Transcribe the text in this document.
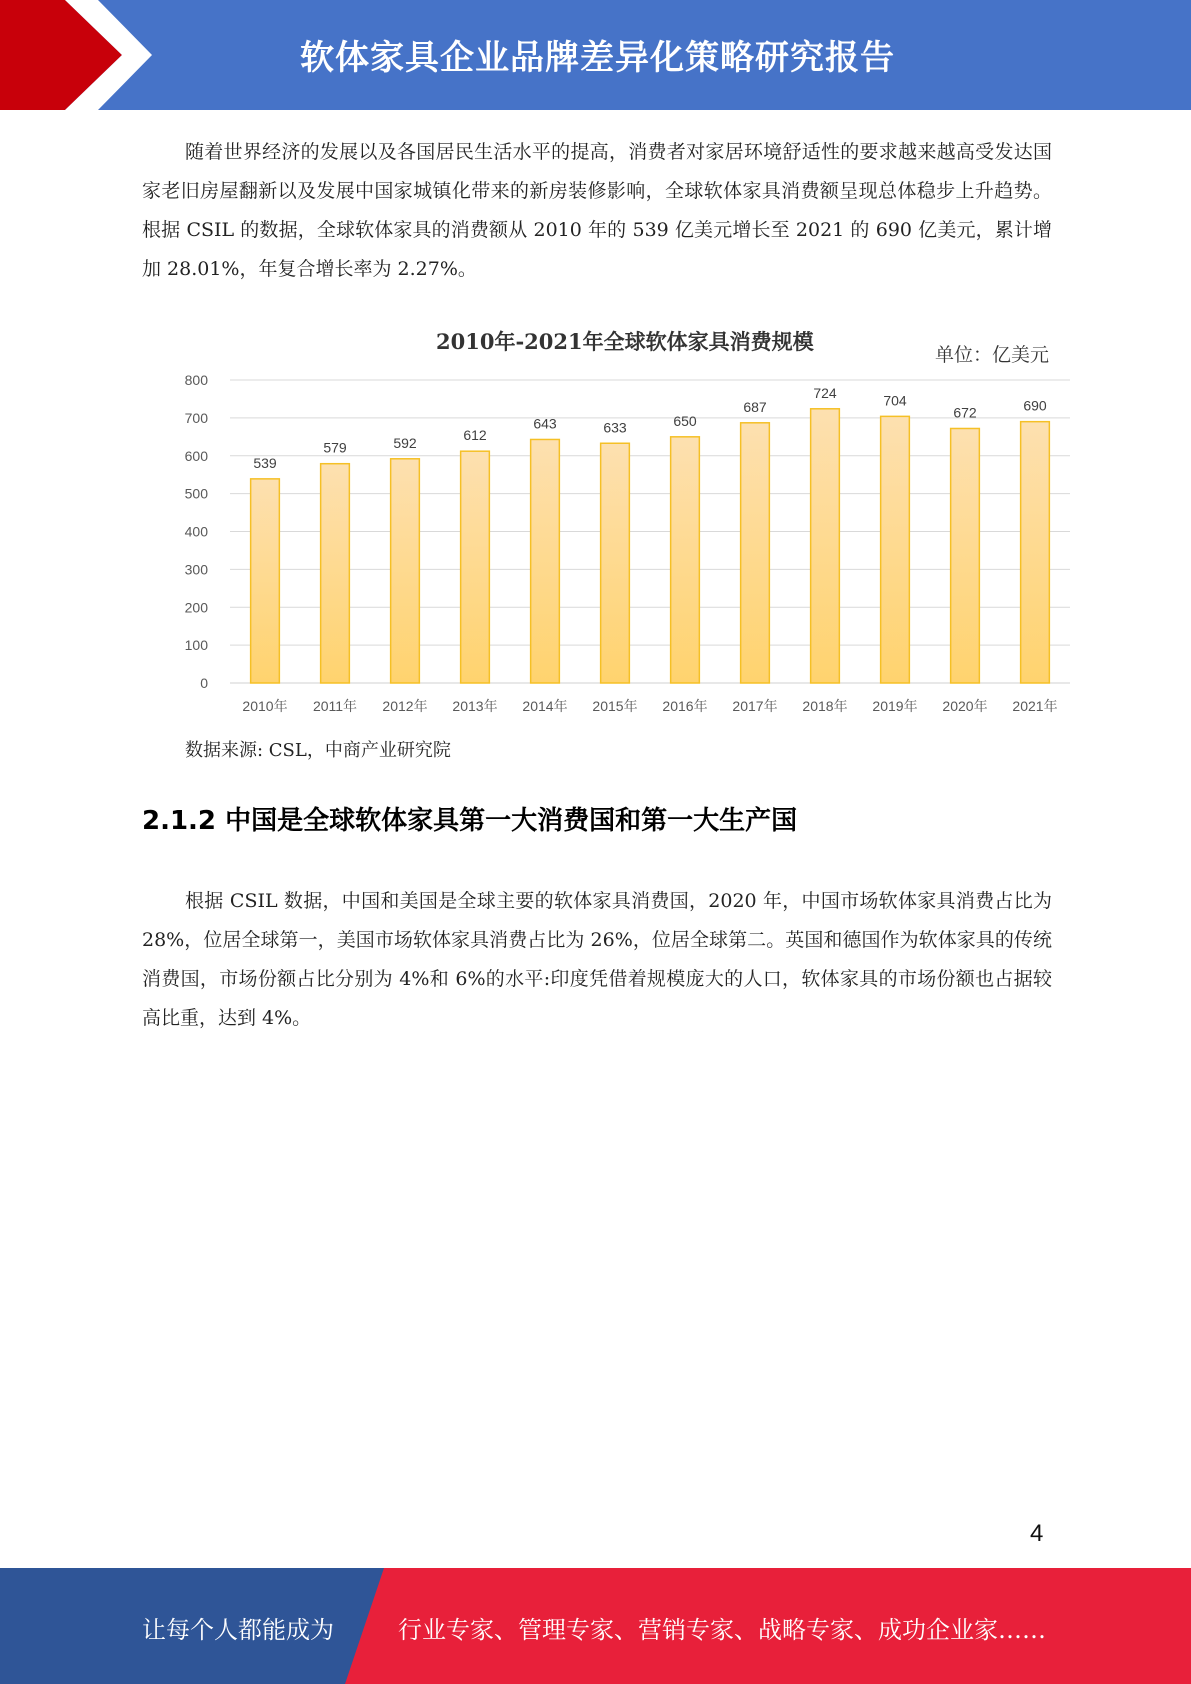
软体家具企业品牌差异化策略研究报告

随着世界经济的发展以及各国居民生活水平的提高，消费者对家居环境舒适性的要求越来越高受发达国家老旧房屋翻新以及发展中国家城镇化带来的新房装修影响，全球软体家具消费额呈现总体稳步上升趋势。根据 CSIL 的数据，全球软体家具的消费额从 2010 年的 539 亿美元增长至 2021 的 690 亿美元，累计增加 28.01%，年复合增长率为 2.27%。

2010年-2021年全球软体家具消费规模
单位：亿美元
0
100
200
300
400
500
600
700
800
539
579	592	612
643	633	650
687
724	704
672	690
2010年 2011年 2012年 2013年 2014年 2015年 2016年 2017年 2018年 2019年 2020年 2021年
数据来源: CSL，中商产业研究院
2.1.2 中国是全球软体家具第一大消费国和第一大生产国

根据 CSIL 数据，中国和美国是全球主要的软体家具消费国，2020 年，中国市场软体家具消费占比为 28%，位居全球第一，美国市场软体家具消费占比为 26%，位居全球第二。英国和德国作为软体家具的传统消费国，市场份额占比分别为 4%和 6%的水平:印度凭借着规模庞大的人口，软体家具的市场份额也占据较高比重，达到 4%。

4
让每个人都能成为	行业专家、管理专家、营销专家、战略专家、成功企业家……
